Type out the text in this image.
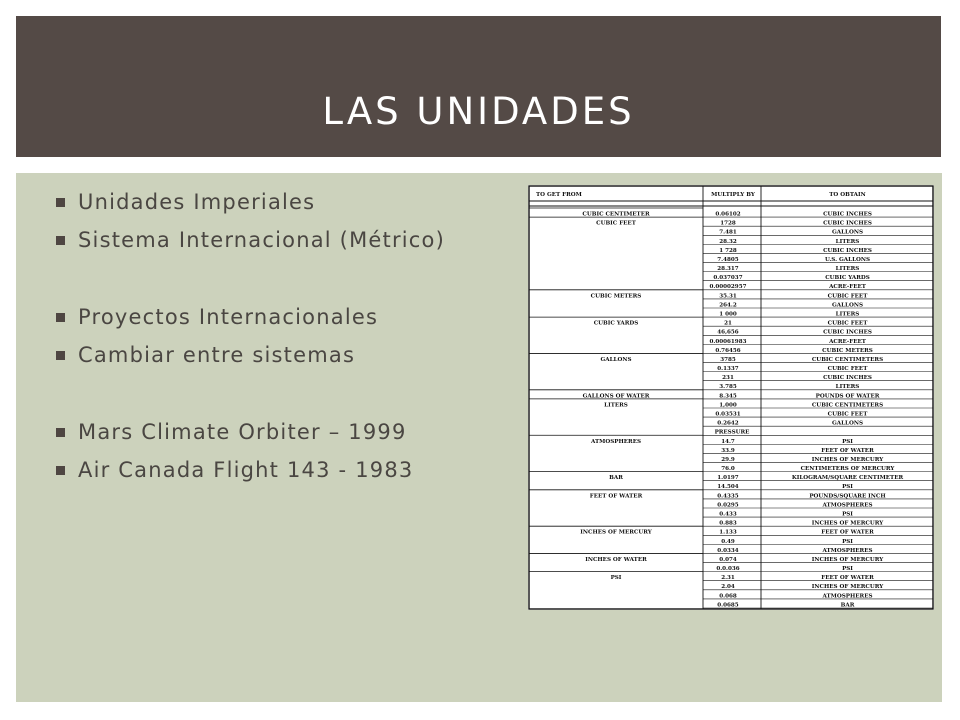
LAS UNIDADES
Unidades Imperiales
Sistema Internacional (Métrico)
Proyectos Internacionales
Cambiar entre sistemas
Mars Climate Orbiter – 1999
Air Canada Flight 143 - 1983
TO GET FROM	MULTIPLY BY	TO OBTAIN
CUBIC CENTIMETER	0.06102	CUBIC INCHES
CUBIC FEET	1728	CUBIC INCHES
7.481	GALLONS
28.32	LITERS
1 728	CUBIC INCHES
7.4805	U.S. GALLONS
28.317	LITERS
0.037037	CUBIC YARDS
0.00002957	ACRE-FEET
CUBIC METERS	35.31	CUBIC FEET
264.2	GALLONS
1 000	LITERS
CUBIC YARDS	21	CUBIC FEET
46,656	CUBIC INCHES
0.00061983	ACRE-FEET
0.76456	CUBIC METERS
GALLONS	3785	CUBIC CENTIMETERS
0.1337	CUBIC FEET
231	CUBIC INCHES
3.785	LITERS
GALLONS OF WATER	8.345	POUNDS OF WATER
LITERS	1,000	CUBIC CENTIMETERS
0.03531	CUBIC FEET
0.2642	GALLONS
PRESSURE
ATMOSPHERES	14.7	PSI
33.9	FEET OF WATER
29.9	INCHES OF MERCURY
76.0	CENTIMETERS OF MERCURY
BAR	1.0197	KILOGRAM/SQUARE CENTIMETER
14.504	PSI
FEET OF WATER	0.4335	POUNDS/SQUARE INCH
0.0295	ATMOSPHERES
0.433	PSI
0.883	INCHES OF MERCURY
INCHES OF MERCURY	1.133	FEET OF WATER
0.49	PSI
0.0334	ATMOSPHERES
INCHES OF WATER	0.074	INCHES OF MERCURY
0.0.036	PSI
PSI	2.31	FEET OF WATER
2.04	INCHES OF MERCURY
0.068	ATMOSPHERES
0.0685	BAR
